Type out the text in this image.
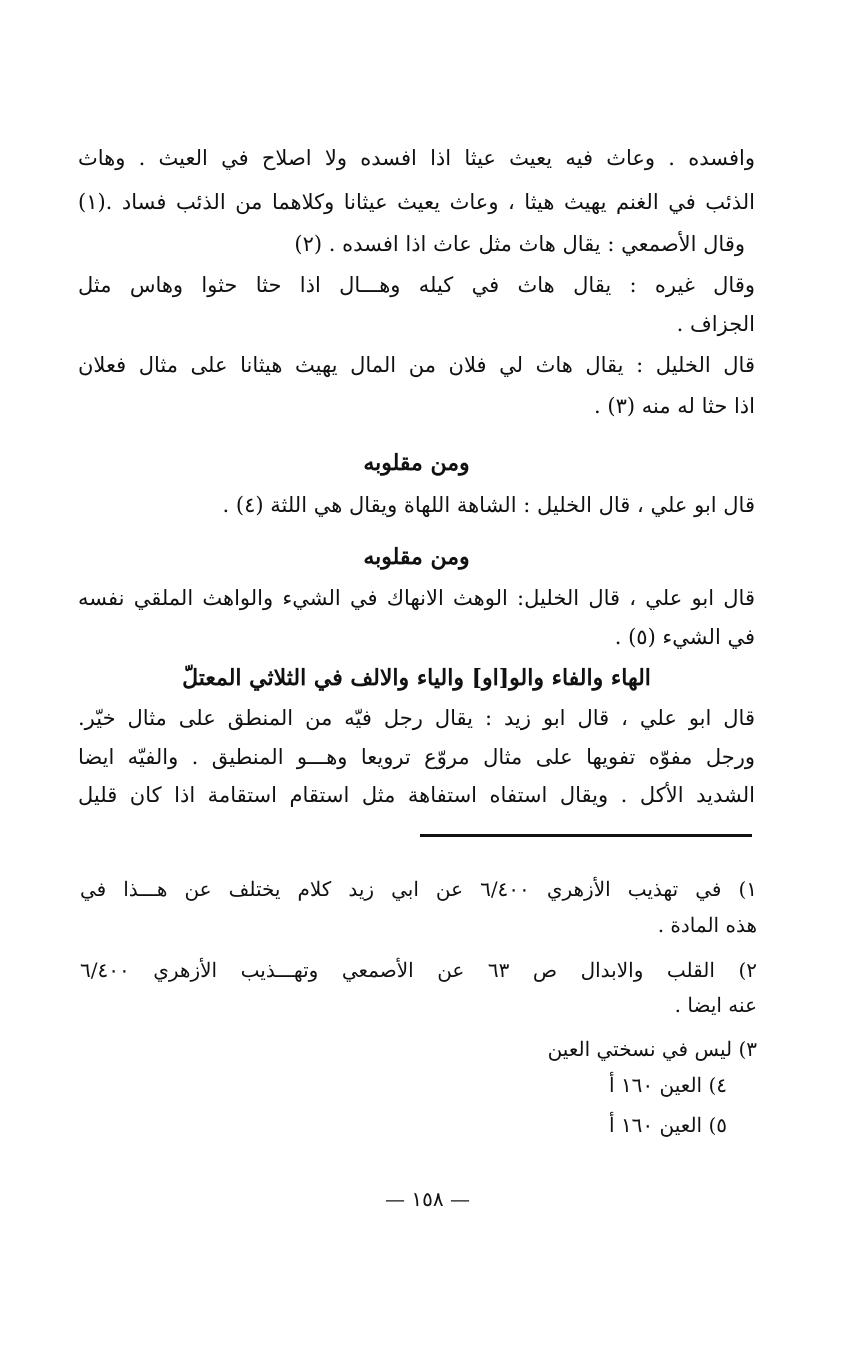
وافسده . وعاث فيه يعيث عيثا اذا افسده ولا اصلاح في العيث . وهاث
الذئب في الغنم يهيث هيثا ، وعاث يعيث عيثانا وكلاهما من الذئب فساد .(١)
وقال الأصمعي : يقال هاث مثل عاث اذا افسده . (٢)
وقال غيره : يقال هاث في كيله وهـــال اذا حثا حثوا وهاس مثل
الجزاف .
قال الخليل : يقال هاث لي فلان من المال يهيث هيثانا على مثال فعلان
اذا حثا له منه (٣) .
ومن مقلوبه
قال ابو علي ، قال الخليل : الشاهة اللهاة ويقال هي اللثة (٤) .
ومن مقلوبه
قال ابو علي ، قال الخليل: الوهث الانهاك في الشيء والواهث الملقي نفسه
في الشيء (٥) .
الهاء والفاء والو[او] والياء والالف في الثلاثي المعتلّ
قال ابو علي ، قال ابو زيد : يقال رجل فيّه من المنطق على مثال خيّر.
ورجل مفوّه تفويها على مثال مروّع ترويعا وهـــو المنطيق . والفيّه ايضا
الشديد الأكل . ويقال استفاه استفاهة مثل استقام استقامة اذا كان قليل
١) في تهذيب الأزهري ٦/٤٠٠ عن ابي زيد كلام يختلف عن هـــذا في
هذه المادة .
٢) القلب والابدال ص ٦٣ عن الأصمعي وتهـــذيب الأزهري ٦/٤٠٠
عنه ايضا .
٣) ليس في نسختي العين
٤) العين ١٦٠ أ
٥) العين ١٦٠ أ
— ١٥٨ —
